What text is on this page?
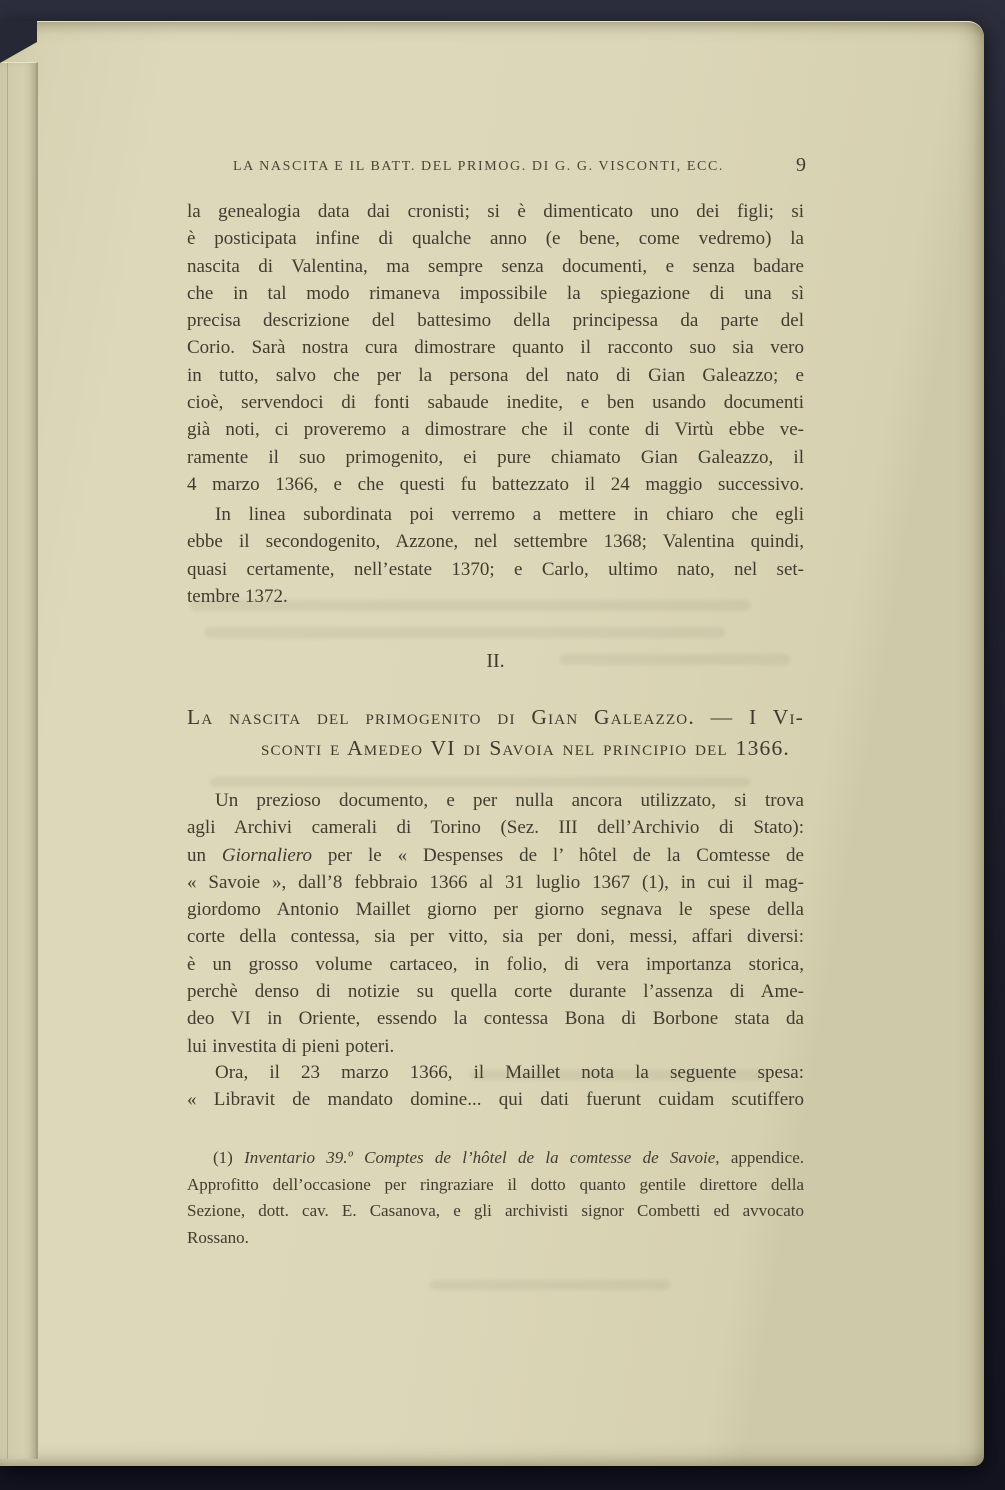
LA NASCITA E IL BATT. DEL PRIMOG. DI G. G. VISCONTI, ECC.	9
la genealogia data dai cronisti; si è dimenticato uno dei figli; si
è posticipata infine di qualche anno (e bene, come vedremo) la
nascita di Valentina, ma sempre senza documenti, e senza badare
che in tal modo rimaneva impossibile la spiegazione di una sì
precisa descrizione del battesimo della principessa da parte del
Corio. Sarà nostra cura dimostrare quanto il racconto suo sia vero
in tutto, salvo che per la persona del nato di Gian Galeazzo; e
cioè, servendoci di fonti sabaude inedite, e ben usando documenti
già noti, ci proveremo a dimostrare che il conte di Virtù ebbe ve-
ramente il suo primogenito, ei pure chiamato Gian Galeazzo, il
4 marzo 1366, e che questi fu battezzato il 24 maggio successivo.
In linea subordinata poi verremo a mettere in chiaro che egli
ebbe il secondogenito, Azzone, nel settembre 1368; Valentina quindi,
quasi certamente, nell’estate 1370; e Carlo, ultimo nato, nel set-
tembre 1372.
II.
La nascita del primogenito di Gian Galeazzo. — I Vi-
sconti e Amedeo VI di Savoia nel principio del 1366.
Un prezioso documento, e per nulla ancora utilizzato, si trova
agli Archivi camerali di Torino (Sez. III dell’Archivio di Stato):
un Giornaliero per le « Despenses de l’ hôtel de la Comtesse de
« Savoie », dall’8 febbraio 1366 al 31 luglio 1367 (1), in cui il mag-
giordomo Antonio Maillet giorno per giorno segnava le spese della
corte della contessa, sia per vitto, sia per doni, messi, affari diversi:
è un grosso volume cartaceo, in folio, di vera importanza storica,
perchè denso di notizie su quella corte durante l’assenza di Ame-
deo VI in Oriente, essendo la contessa Bona di Borbone stata da
lui investita di pieni poteri.
Ora, il 23 marzo 1366, il Maillet nota la seguente spesa:
« Libravit de mandato domine... qui dati fuerunt cuidam scutiffero
(1) Inventario 39.º Comptes de l’hôtel de la comtesse de Savoie, appendice.
Approfitto dell’occasione per ringraziare il dotto quanto gentile direttore della
Sezione, dott. cav. E. Casanova, e gli archivisti signor Combetti ed avvocato
Rossano.
